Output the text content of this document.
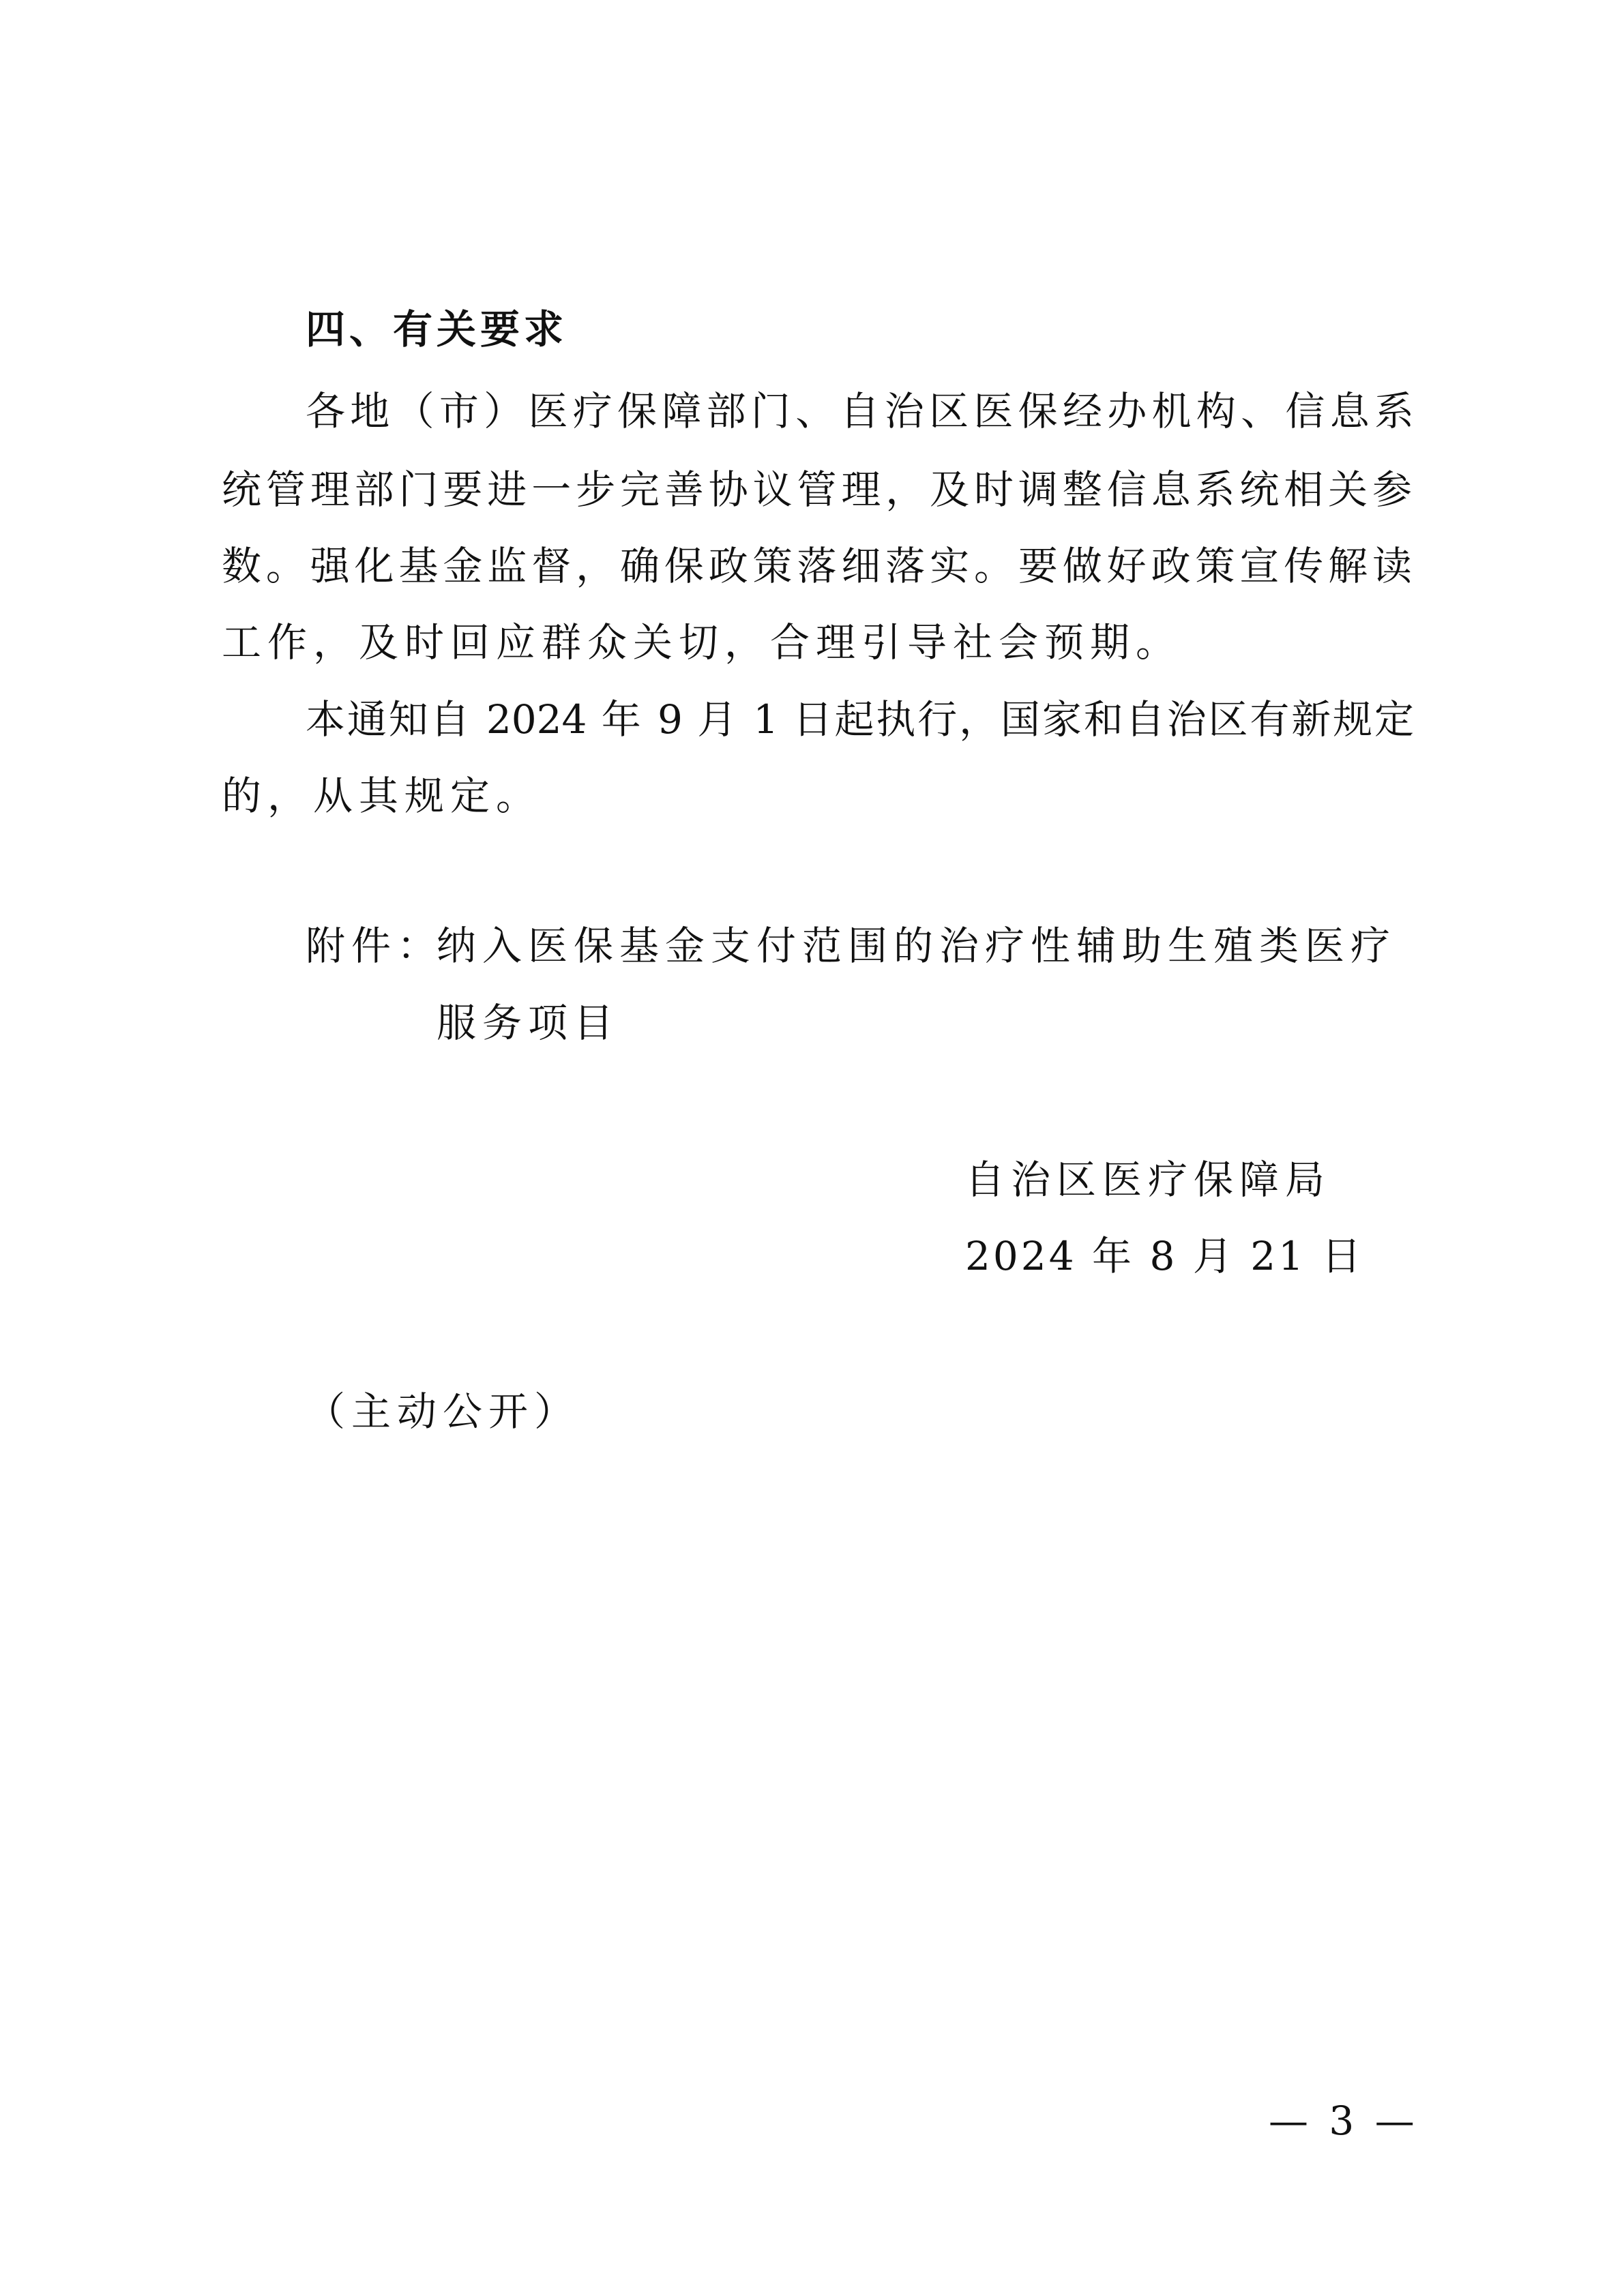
四、有关要求

各地（市）医疗保障部门、自治区医保经办机构、信息系

统管理部门要进一步完善协议管理，及时调整信息系统相关参

数。强化基金监督，确保政策落细落实。要做好政策宣传解读

工作，及时回应群众关切，合理引导社会预期。

本通知自 2024 年 9 月 1 日起执行，国家和自治区有新规定

的，从其规定。

附件：

纳入医保基金支付范围的治疗性辅助生殖类医疗

服务项目

自治区医疗保障局

2024 年 8 月 21 日

（主动公开）

— 3 —
